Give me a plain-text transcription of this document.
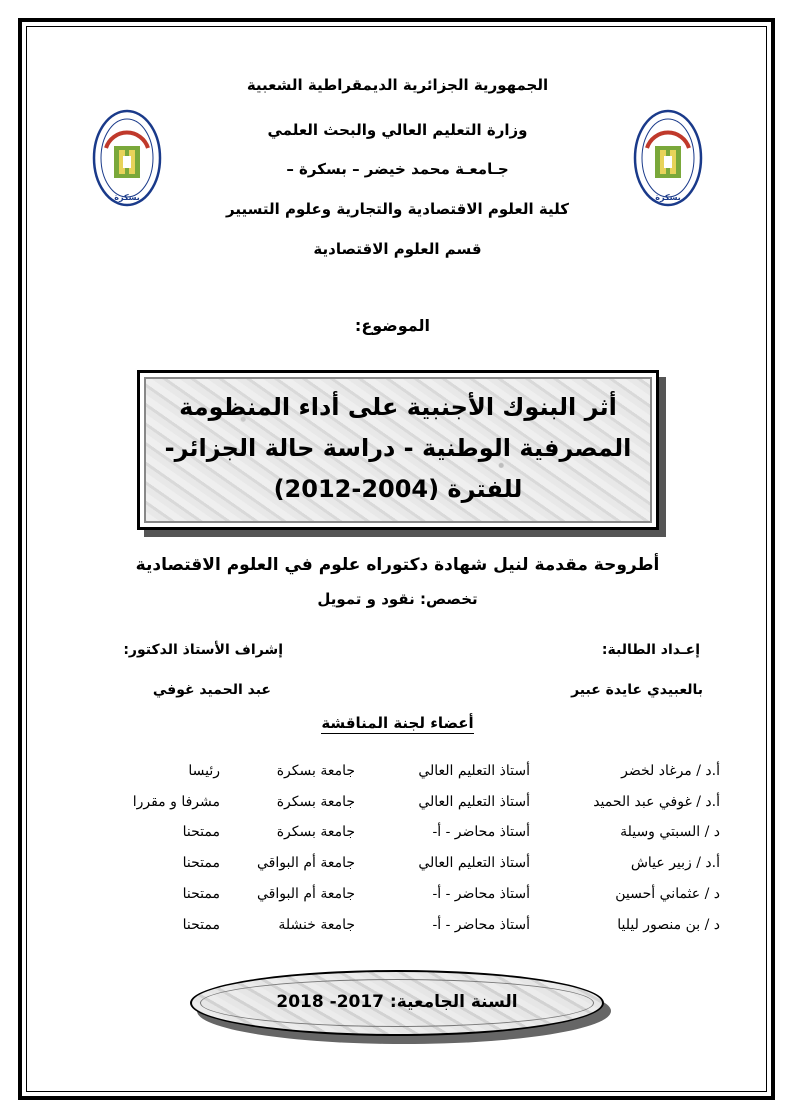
بسكرة	بسكرة
الجمهورية الجزائرية الديمقراطية الشعبية
وزارة التعليم العالي والبحث العلمي
جـامعـة محمد خيضر – بسكرة –
كلية العلوم الاقتصادية والتجارية وعلوم التسيير
قسم العلوم الاقتصادية
الموضوع:
أثر البنوك الأجنبية على أداء المنظومة
المصرفية الوطنية - دراسة حالة الجزائر-
للفترة (2004-2012)
أطروحة مقدمة لنيل شهادة دكتوراه علوم في العلوم الاقتصادية
تخصص: نقود و تمويل
إعـداد الطالبة:
إشراف الأستاذ الدكتور:
بالعبيدي عايدة عبير
عبد الحميد غوفي
أعضاء لجنة المناقشة
أ.د / مرغاد لخضر
أستاذ التعليم العالي
جامعة بسكرة
رئيسا
أ.د / غوفي عبد الحميد
أستاذ التعليم العالي
جامعة بسكرة
مشرفا و مقررا
د / السبتي وسيلة
أستاذ محاضر - أ-
جامعة بسكرة
ممتحنا
أ.د / زبير عياش
أستاذ التعليم العالي
جامعة أم البواقي
ممتحنا
د / عثماني أحسين
أستاذ محاضر - أ-
جامعة أم البواقي
ممتحنا
د / بن منصور ليليا
أستاذ محاضر - أ-
جامعة خنشلة
ممتحنا
السنة الجامعية: 2017- 2018
